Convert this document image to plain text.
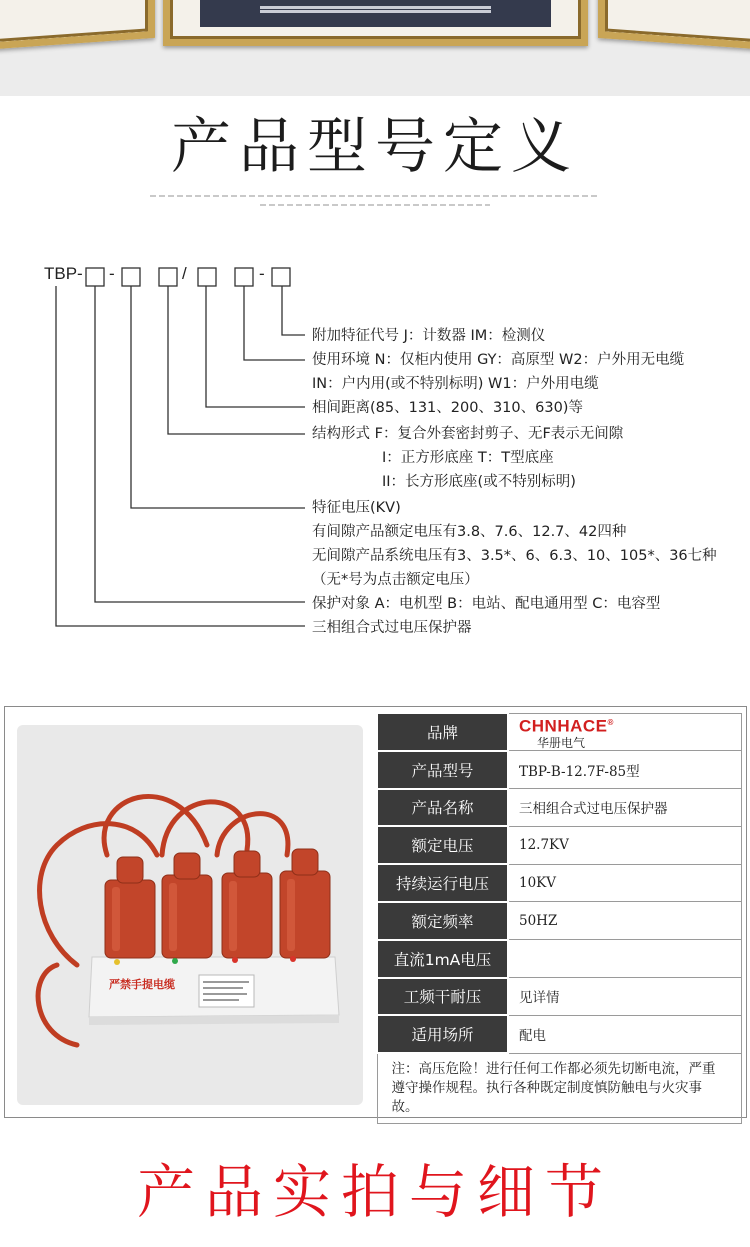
产品型号定义
TBP- -	/	-
附加特征代号 J：计数器 IM：检测仪
使用环境 N：仅柜内使用 GY：高原型 W2：户外用无电缆
IN：户内用(或不特别标明) W1：户外用电缆
相间距离(85、131、200、310、630)等
结构形式 F：复合外套密封剪子、无F表示无间隙
I：正方形底座 T：T型底座
II：长方形底座(或不特别标明)
特征电压(KV)
有间隙产品额定电压有3.8、7.6、12.7、42四种
无间隙产品系统电压有3、3.5*、6、6.3、10、105*、36七种
（无*号为点击额定电压）
保护对象 A：电机型 B：电站、配电通用型 C：电容型
三相组合式过电压保护器
严禁手提电缆
品牌	CHNHACE®
华册电气

产品型号	TBP-B-12.7F-85型
产品名称	三相组合式过电压保护器
额定电压	12.7KV
持续运行电压	10KV
额定频率	50HZ
直流1mA电压	
工频干耐压	见详情
适用场所	配电
注：高压危险！进行任何工作都必须先切断电流，严重遵守操作规程。执行各种既定制度慎防触电与火灾事故。	
产品实拍与细节
